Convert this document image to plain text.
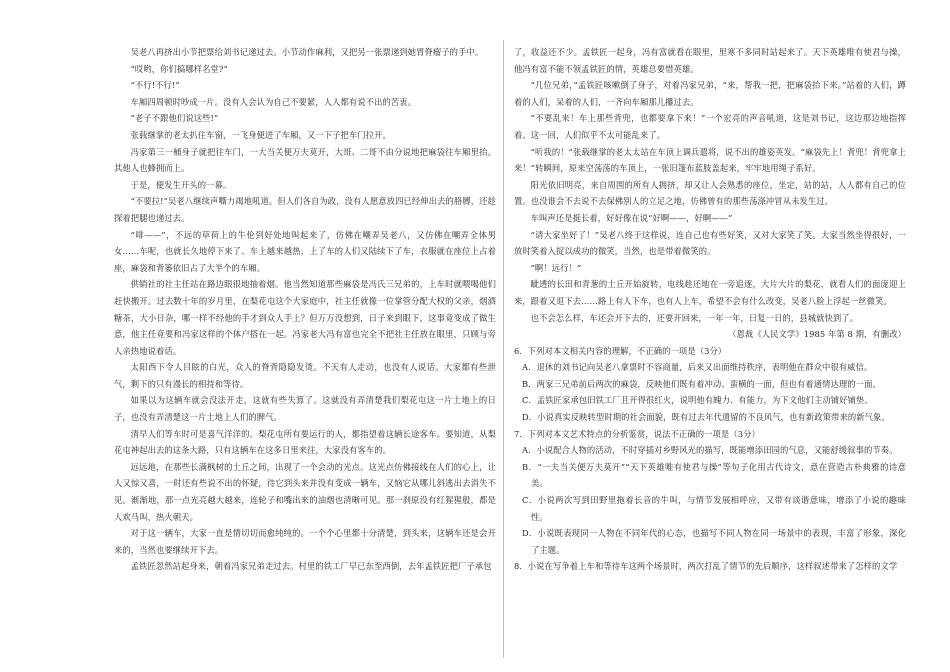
吴老八再挤出小节把票给刘书记递过去。小节动作麻利，又把另一张票递到她胃脊瘤子的手中。

“哎哟，你们搞哪样名堂?”

“不行!不行!”

车厢四周顿时吵成一片。没有人会认为自己不要紧，人人都有说不出的苦衷。

“老子不跟他们说这些!”

张载继掌的老太扒住车窗，一飞身便进了车厢，又一下子把车门拉开。

冯家第三一桶身子就把往车门，一大当关便万夫莫开，大哥、二哥不由分说地把麻袋往车厢里抬。其他人也蜂拥而上。

于是，便发生开头的一幕。

“不要拉!”吴老八继续声嘶力竭地吼道。但人们各自为政，没有人愿意放四已经伸出去的胳膊，还趁探着把腿也递过去。

“啡——”，不远的草荷上的牛伦到好处地叫起来了，仿佛在嘲弄吴老八，又仿佛在嘲弄全体男女……车呢，也就长久地停下来了。车上越来越热，上了车的人们又陆续下了车，衣服就在座位上占着座，麻袋和背篓依旧占了大半个的车厢。

供销社的社主任站在路边眼很地抽着烟。他当然知道那些麻袋是冯氏三兄弟的，上车时就喂喝他们赶快搬开。过去数十年的岁月里，在梨花屯这个大家庭中，社主任就像一位掌管分配大权的父亲，烟酒糖茶，大小日杂，哪一样不经他的手才到众人手上？但万万没想到，日子来到眼下，这事竟变成了做生意，他主任竟要和冯家这样的个体户搭在一起。冯家老大冯有富也完全不把社主任放在眼里，只顾与旁人亲热地说着话。

太阳西下令人目眩的白光，众人的脊背隐隐发烫。不天有人走动，也没有人说话。大家都有些泄气，剩下的只有漫长的相持和等待。

如果以为这辆车就会没法开走，这就有些失算了。这就没有弄清楚我们梨花屯这一片土地上的日子，也没有弄清楚这一片土地上人们的脾气。

清早人们等车时可是喜气洋洋的。梨花屯所有要运行的人，都指望着这辆长途客车。要知道，从梨花屯神起出去的这条大路，只有这辆车在这多日里来往，大家没有客车的。

远远地，在那些长满枫树的土丘之间，出现了一个会动的光点。这光点仿佛接线在人们的心上，让人又惊又喜，一时还有些说不出的怀疑，待它到头来并没有变成一辆车，又恼它从哪儿斜逃出去消失不见。渐渐地，那一点光亮越大越来，连轮子和嘴出来的油烟也清晰可见。那一刹原没有红猩猩般，都是人欢马叫，热火朝天。

对于这一辆车，大家一直是情切切而愈纯纯的。一个个心里都十分清楚，到头来，这辆车还是会开来的，当然也要继续开下去。

孟铁匠忽然站起身来，朝着冯家兄弟走过去。村里的铁工厂早已东至西倒，去年孟铁匠把厂子承包

了，收益还不少。孟铁匠一起身，冯有富就看在眼里，里寒不多同时站起来了。天下英雄唯有使君与操，他冯有富不能不领孟铁匠的情，英雄总要惜英雄。

“几位兄弟，”孟铁匠咳嗽倒了身子，对着冯家兄弟，“来，帮我一把，把麻袋抬下来。”站着的人们，蹲着的人们，呆着的人们，一齐向车厢那儿攥过去。

“不要乱来！车上那些背兜，也都要拿下来！”一个宏亮的声音吼道，这是刘书记，这边那边地指挥着。这一回，人们似乎不太可能乱来了。

“听我的！”张载继掌的老太太站在车顶上调兵遣将，说不出的雄姿英发。“麻袋先上！背兜！背兜拿上来！”转瞬间，原来空荡荡的车顶上，一张旧篷布蓝肢盖起来，牢牢地用绳子系好。

阳光依旧明亮，来自周围的所有人拥挤，却又让人会熟悉的座位，坐定，站的站，人人都有自己的位置。也没谁会不去说不去保佛别人的立足之地，仿佛曾有的那些荡涤冲冒从未发生过。

车叫声还是挺长着，好好像在说“好啊——，好啊——”

“请大家坐好了！”吴老八终于这样说，连自己也有些好笑，又对大家笑了笑。大家当然坐得很好，一放时笑着入捉以成功的微笑，当然，也是带着微笑的。

“啊！远行！”

眦透的长田和青葱的土丘开始旋转，电线趁还地在一旁追逐，大片大片的梨花，就看人们的面庞迎上来，跟着又退下去……路上有人下车，也有人上车，希望不会有什么改变，吴老八脸上浮起一丝微笑。

也不会怎么样，车还会开下去的，还要开回来，一年一年，日复一日的，县城就快到了。

（恩裁《人民文学》1985 年第 8 期，有删改）

6．下列对本文相关内容的理解，不正确的一项是（3分）

A．退休的刘书记向吴老八拿票时不容商量，后来又出面维持秩序，表明他在群众中很有威信。

B．两家三兄弟前后两次的麻袋，反映他们既有着冲动、蛮横的一面，但也有着通情达理的一面。

C．孟铁匠家承包旧铁工厂且开得很红火，说明他有魄力、有能力，为下文他们主动铺好铺垫。

D．小说真实反映转型时期的社会面貌，既有过去年代遗留的不良风气，也有新政策带来的新气象。

7．下列对本文艺术特点的分析鉴赏，说法不正确的一项是（3分）

A．小说配合人物的活动，不时穿插对乡野风光的描写，既能增添田园的气息，又能舒缓叙事的节奏。

B．“一夫当关便万夫莫开”“天下英雄唯有使君与操”等句子化用古代诗文，意在营造古朴典雅的诗意美。

C．小说两次写到田野里拖着长音的牛叫，与情节发展相呼应，又带有谈谐意味，增添了小说的趣味性。

D．小说既表现同一人物在不同年代的心态，也描写不同人物在同一场景中的表现，丰富了形象，深化了主题。

8．小说在写争着上车和等待车这两个场景时，两次打乱了情节的先后顺序，这样叙述带来了怎样的文学
